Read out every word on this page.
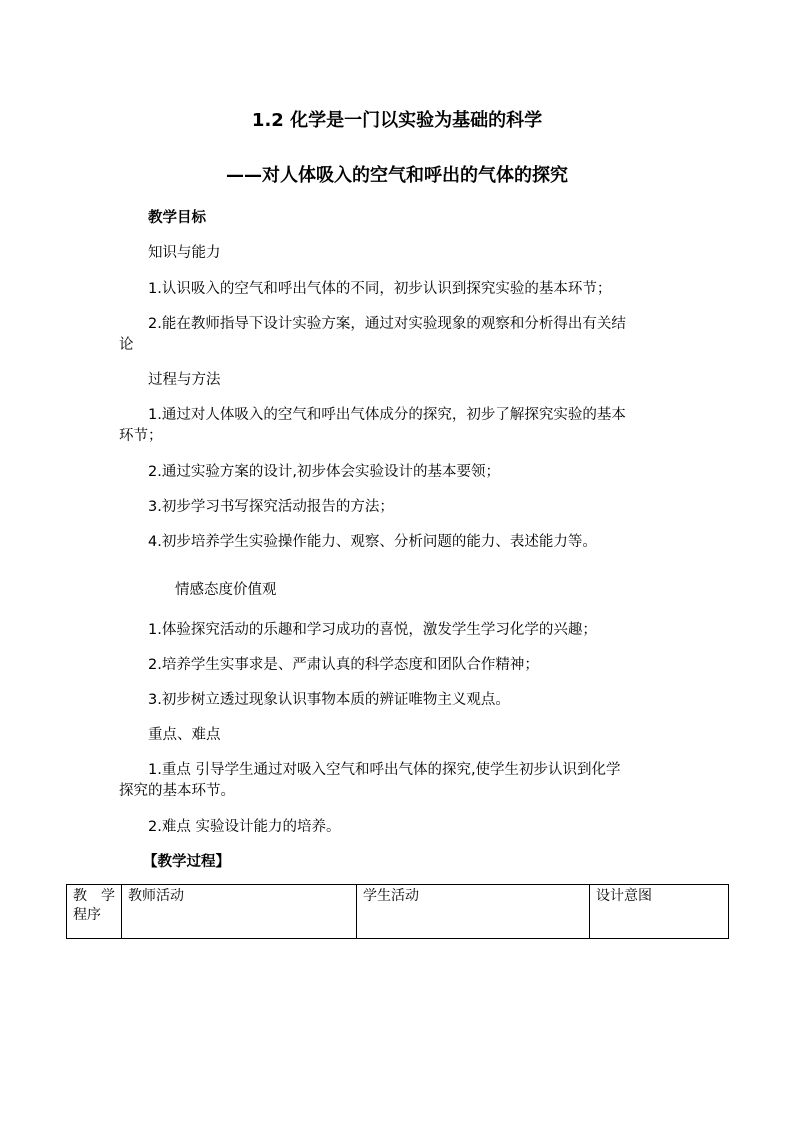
1.2 化学是一门以实验为基础的科学
——对人体吸入的空气和呼出的气体的探究

教学目标

知识与能力

1.认识吸入的空气和呼出气体的不同，初步认识到探究实验的基本环节；

2.能在教师指导下设计实验方案，通过对实验现象的观察和分析得出有关结

论

过程与方法

1.通过对人体吸入的空气和呼出气体成分的探究，初步了解探究实验的基本

环节；

2.通过实验方案的设计,初步体会实验设计的基本要领；

3.初步学习书写探究活动报告的方法；

4.初步培养学生实验操作能力、观察、分析问题的能力、表述能力等。

情感态度价值观

1.体验探究活动的乐趣和学习成功的喜悦，激发学生学习化学的兴趣；

2.培养学生实事求是、严肃认真的科学态度和团队合作精神；

3.初步树立透过现象认识事物本质的辨证唯物主义观点。

重点、难点

1.重点 引导学生通过对吸入空气和呼出气体的探究,使学生初步认识到化学

探究的基本环节。

2.难点 实验设计能力的培养。

【教学过程】

教　学
程序
	教师活动	学生活动	设计意图
